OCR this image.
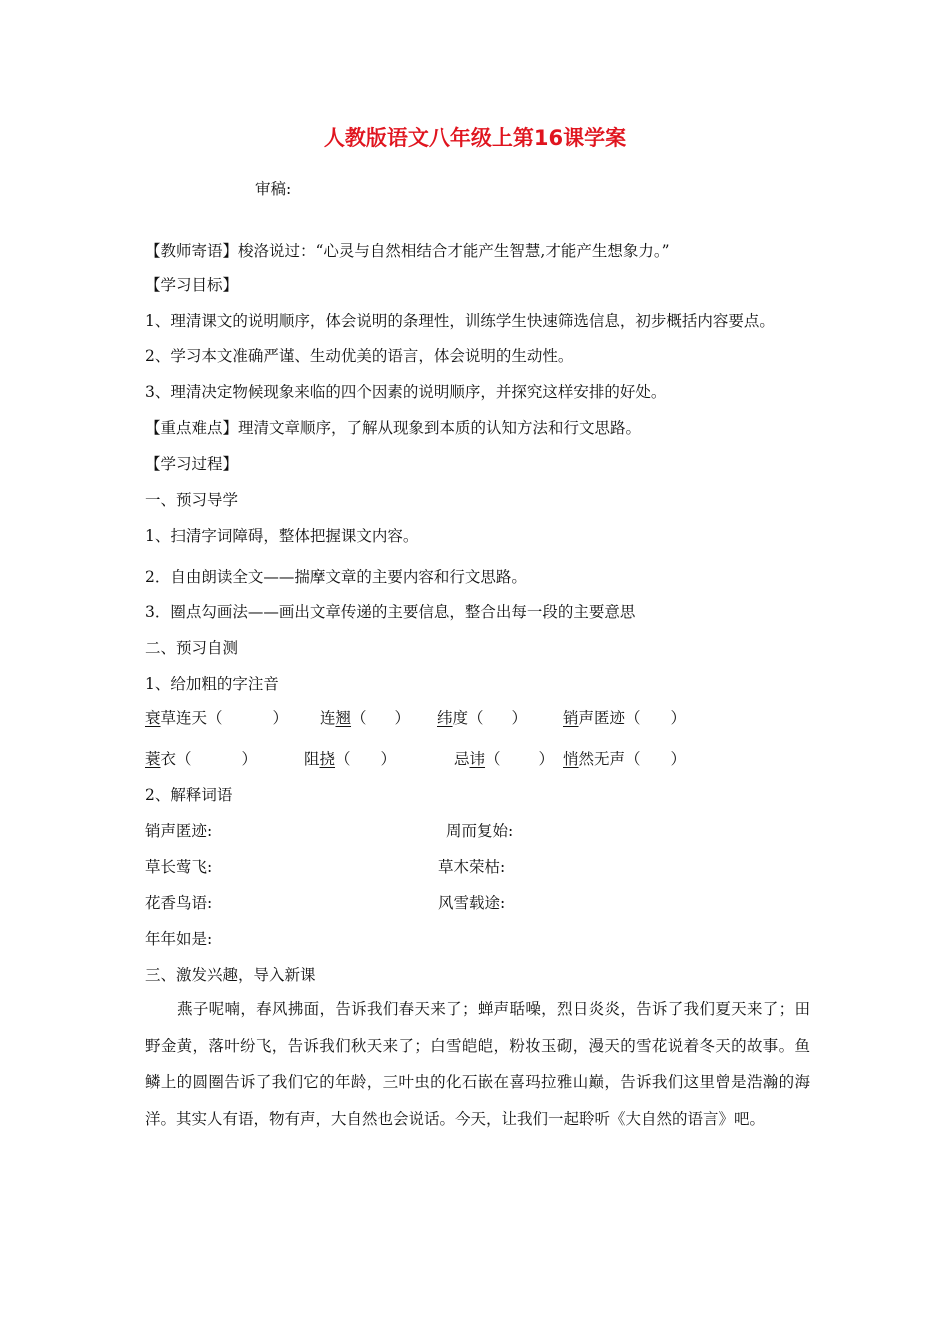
人教版语文八年级上第16课学案
审稿:
【教师寄语】梭洛说过：“心灵与自然相结合才能产生智慧,才能产生想象力。”
【学习目标】
1、理清课文的说明顺序，体会说明的条理性，训练学生快速筛选信息，初步概括内容要点。
2、学习本文准确严谨、生动优美的语言，体会说明的生动性。
3、理清决定物候现象来临的四个因素的说明顺序，并探究这样安排的好处。
【重点难点】理清文章顺序，了解从现象到本质的认知方法和行文思路。
【学习过程】
一、预习导学
1、扫清字词障碍，整体把握课文内容。
2．自由朗读全文——揣摩文章的主要内容和行文思路。
3．圈点勾画法——画出文章传递的主要信息，整合出每一段的主要意思
二、预习自测
1、给加粗的字注音
衰草连天（	） 连翘（ ） 纬度（ ） 销声匿迹（ ）
蓑衣（	）	阻挠（ ）	忌讳（ ） 悄然无声（ ）
2、解释词语
销声匿迹:	周而复始:
草长莺飞:	草木荣枯:
花香鸟语:	风雪载途:
年年如是:
三、激发兴趣，导入新课
燕子呢喃，春风拂面，告诉我们春天来了；蝉声聒噪，烈日炎炎，告诉了我们夏天来了；田野金黄，落叶纷飞，告诉我们秋天来了；白雪皑皑，粉妆玉砌，漫天的雪花说着冬天的故事。鱼鳞上的圆圈告诉了我们它的年龄，三叶虫的化石嵌在喜玛拉雅山巅，告诉我们这里曾是浩瀚的海洋。其实人有语，物有声，大自然也会说话。今天，让我们一起聆听《大自然的语言》吧。
